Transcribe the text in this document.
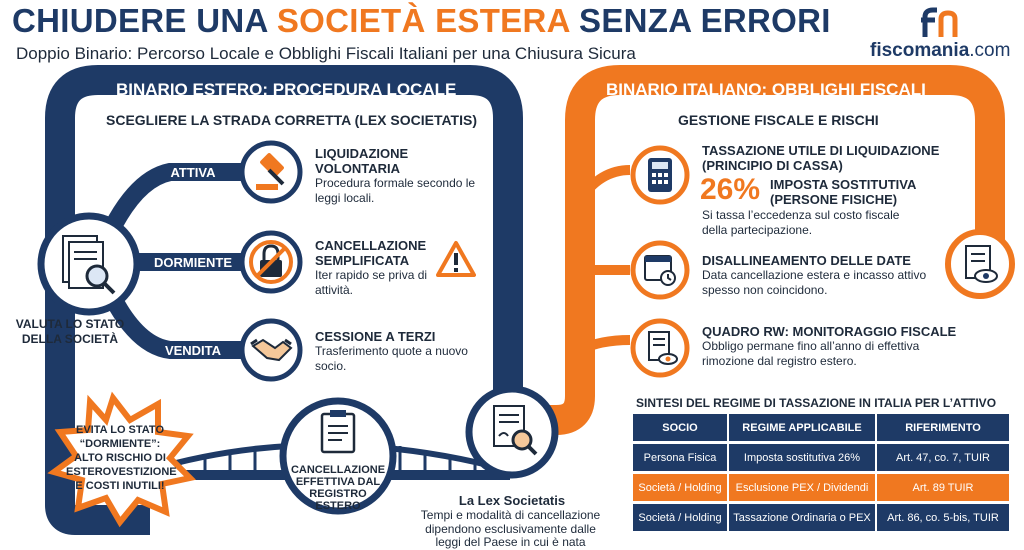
CHIUDERE UNA SOCIETÀ ESTERA SENZA ERRORI
Doppio Binario: Percorso Locale e Obblighi Fiscali Italiani per una Chiusura Sicura	fiscomania.com
BINARIO ESTERO: PROCEDURA LOCALE	BINARIO ITALIANO: OBBLIGHI FISCALI
SCEGLIERE LA STRADA CORRETTA (LEX SOCIETATIS)	GESTIONE FISCALE E RISCHI
VALUTA LO STATO DELLA SOCIETÀ
ATTIVA
DORMIENTE
VENDITA
LIQUIDAZIONE VOLONTARIA
Procedura formale secondo le leggi locali.
CANCELLAZIONE SEMPLIFICATA
Iter rapido se priva di attività.
CESSIONE A TERZI
Trasferimento quote a nuovo socio.
EVITA LO STATO “DORMIENTE”: ALTO RISCHIO DI ESTEROVESTIZIONE E COSTI INUTILI!
CANCELLAZIONE EFFETTIVA DAL REGISTRO ESTERO	La Lex Societatis
Tempi e modalità di cancellazione dipendono esclusivamente dalle leggi del Paese in cui è nata
TASSAZIONE UTILE DI LIQUIDAZIONE (PRINCIPIO DI CASSA)
26% IMPOSTA SOSTITUTIVA (PERSONE FISICHE)
Si tassa l’eccedenza sul costo fiscale della partecipazione.
DISALLINEAMENTO DELLE DATE
Data cancellazione estera e incasso attivo spesso non coincidono.
QUADRO RW: MONITORAGGIO FISCALE
Obbligo permane fino all’anno di effettiva rimozione dal registro estero.
SINTESI DEL REGIME DI TASSAZIONE IN ITALIA PER L’ATTIVO
SOCIO	REGIME APPLICABILE	RIFERIMENTO
Persona Fisica	Imposta sostitutiva 26%	Art. 47, co. 7, TUIR
Società / Holding	Esclusione PEX / Dividendi	Art. 89 TUIR
Società / Holding	Tassazione Ordinaria o PEX	Art. 86, co. 5-bis, TUIR
